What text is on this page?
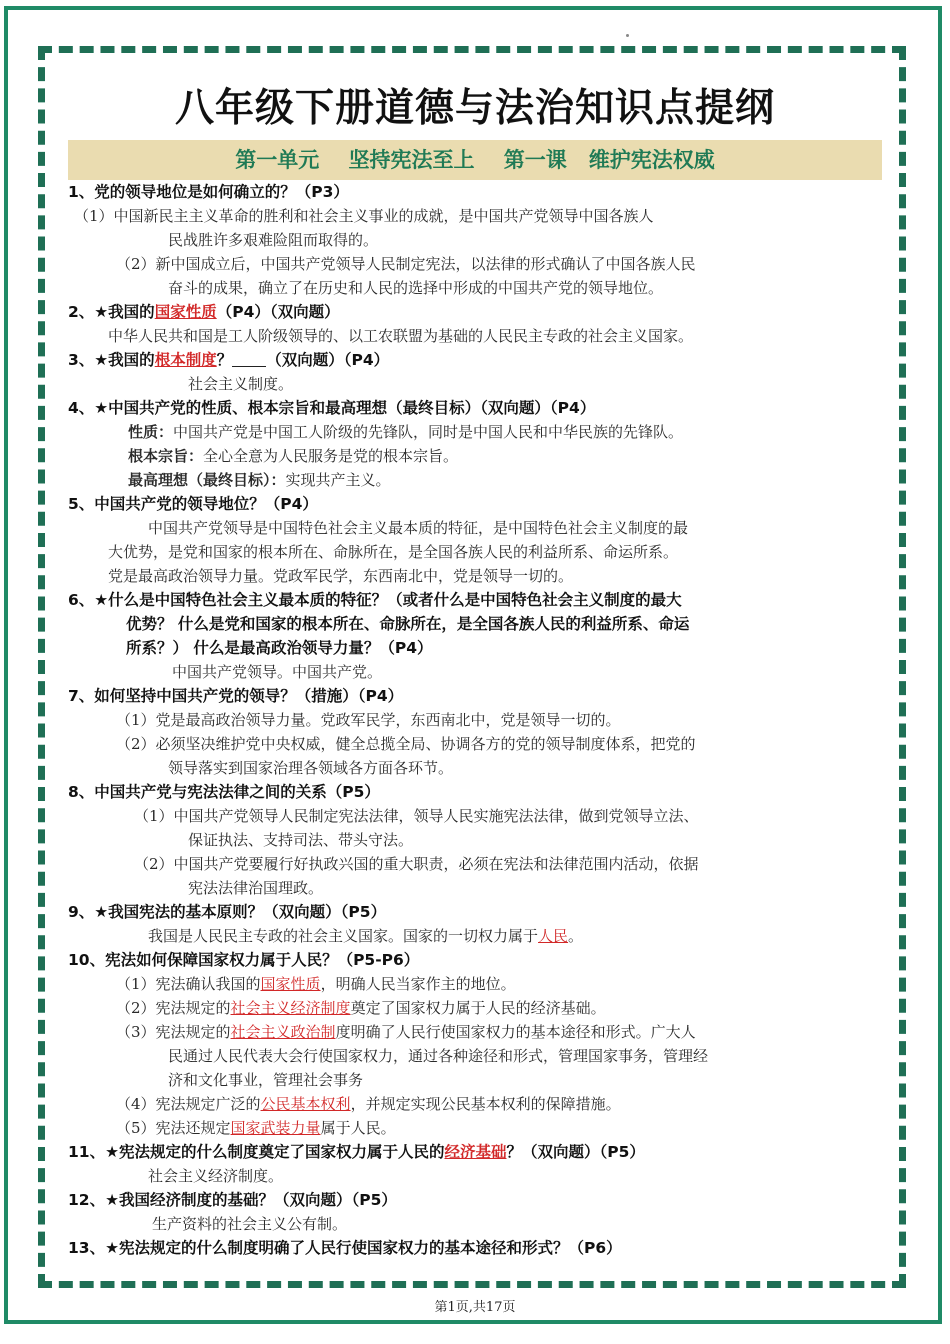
八年级下册道德与法治知识点提纲
第一单元    坚持宪法至上    第一课   维护宪法权威
1、党的领导地位是如何确立的？（P3）
（1）中国新民主主义革命的胜利和社会主义事业的成就，是中国共产党领导中国各族人
民战胜许多艰难险阻而取得的。
（2）新中国成立后，中国共产党领导人民制定宪法，以法律的形式确认了中国各族人民
奋斗的成果，确立了在历史和人民的选择中形成的中国共产党的领导地位。
2、★我国的国家性质（P4）（双向题）
中华人民共和国是工人阶级领导的、以工农联盟为基础的人民民主专政的社会主义国家。
3、★我国的根本制度？ （双向题）（P4）
社会主义制度。
4、★中国共产党的性质、根本宗旨和最高理想（最终目标）（双向题）（P4）
性质：中国共产党是中国工人阶级的先锋队，同时是中国人民和中华民族的先锋队。
根本宗旨：全心全意为人民服务是党的根本宗旨。
最高理想（最终目标）：实现共产主义。
5、中国共产党的领导地位？（P4）
中国共产党领导是中国特色社会主义最本质的特征，是中国特色社会主义制度的最
大优势，是党和国家的根本所在、命脉所在，是全国各族人民的利益所系、命运所系。
党是最高政治领导力量。党政军民学，东西南北中，党是领导一切的。
6、★什么是中国特色社会主义最本质的特征？（或者什么是中国特色社会主义制度的最大
优势？ 什么是党和国家的根本所在、命脉所在，是全国各族人民的利益所系、命运
所系？） 什么是最高政治领导力量？（P4）
中国共产党领导。中国共产党。
7、如何坚持中国共产党的领导？（措施）（P4）
（1）党是最高政治领导力量。党政军民学，东西南北中，党是领导一切的。
（2）必须坚决维护党中央权威，健全总揽全局、协调各方的党的领导制度体系，把党的
领导落实到国家治理各领域各方面各环节。
8、中国共产党与宪法法律之间的关系（P5）
（1）中国共产党领导人民制定宪法法律，领导人民实施宪法法律，做到党领导立法、
保证执法、支持司法、带头守法。
（2）中国共产党要履行好执政兴国的重大职责，必须在宪法和法律范围内活动，依据
宪法法律治国理政。
9、★我国宪法的基本原则？（双向题）（P5）
我国是人民民主专政的社会主义国家。国家的一切权力属于人民。
10、宪法如何保障国家权力属于人民？（P5-P6）
（1）宪法确认我国的国家性质，明确人民当家作主的地位。
（2）宪法规定的社会主义经济制度奠定了国家权力属于人民的经济基础。
（3）宪法规定的社会主义政治制度明确了人民行使国家权力的基本途径和形式。广大人
民通过人民代表大会行使国家权力，通过各种途径和形式，管理国家事务，管理经
济和文化事业，管理社会事务
（4）宪法规定广泛的公民基本权利，并规定实现公民基本权利的保障措施。
（5）宪法还规定国家武装力量属于人民。
11、★宪法规定的什么制度奠定了国家权力属于人民的经济基础？（双向题）（P5）
社会主义经济制度。
12、★我国经济制度的基础？（双向题）（P5）
生产资料的社会主义公有制。
13、★宪法规定的什么制度明确了人民行使国家权力的基本途径和形式？（P6）
第1页,共17页
